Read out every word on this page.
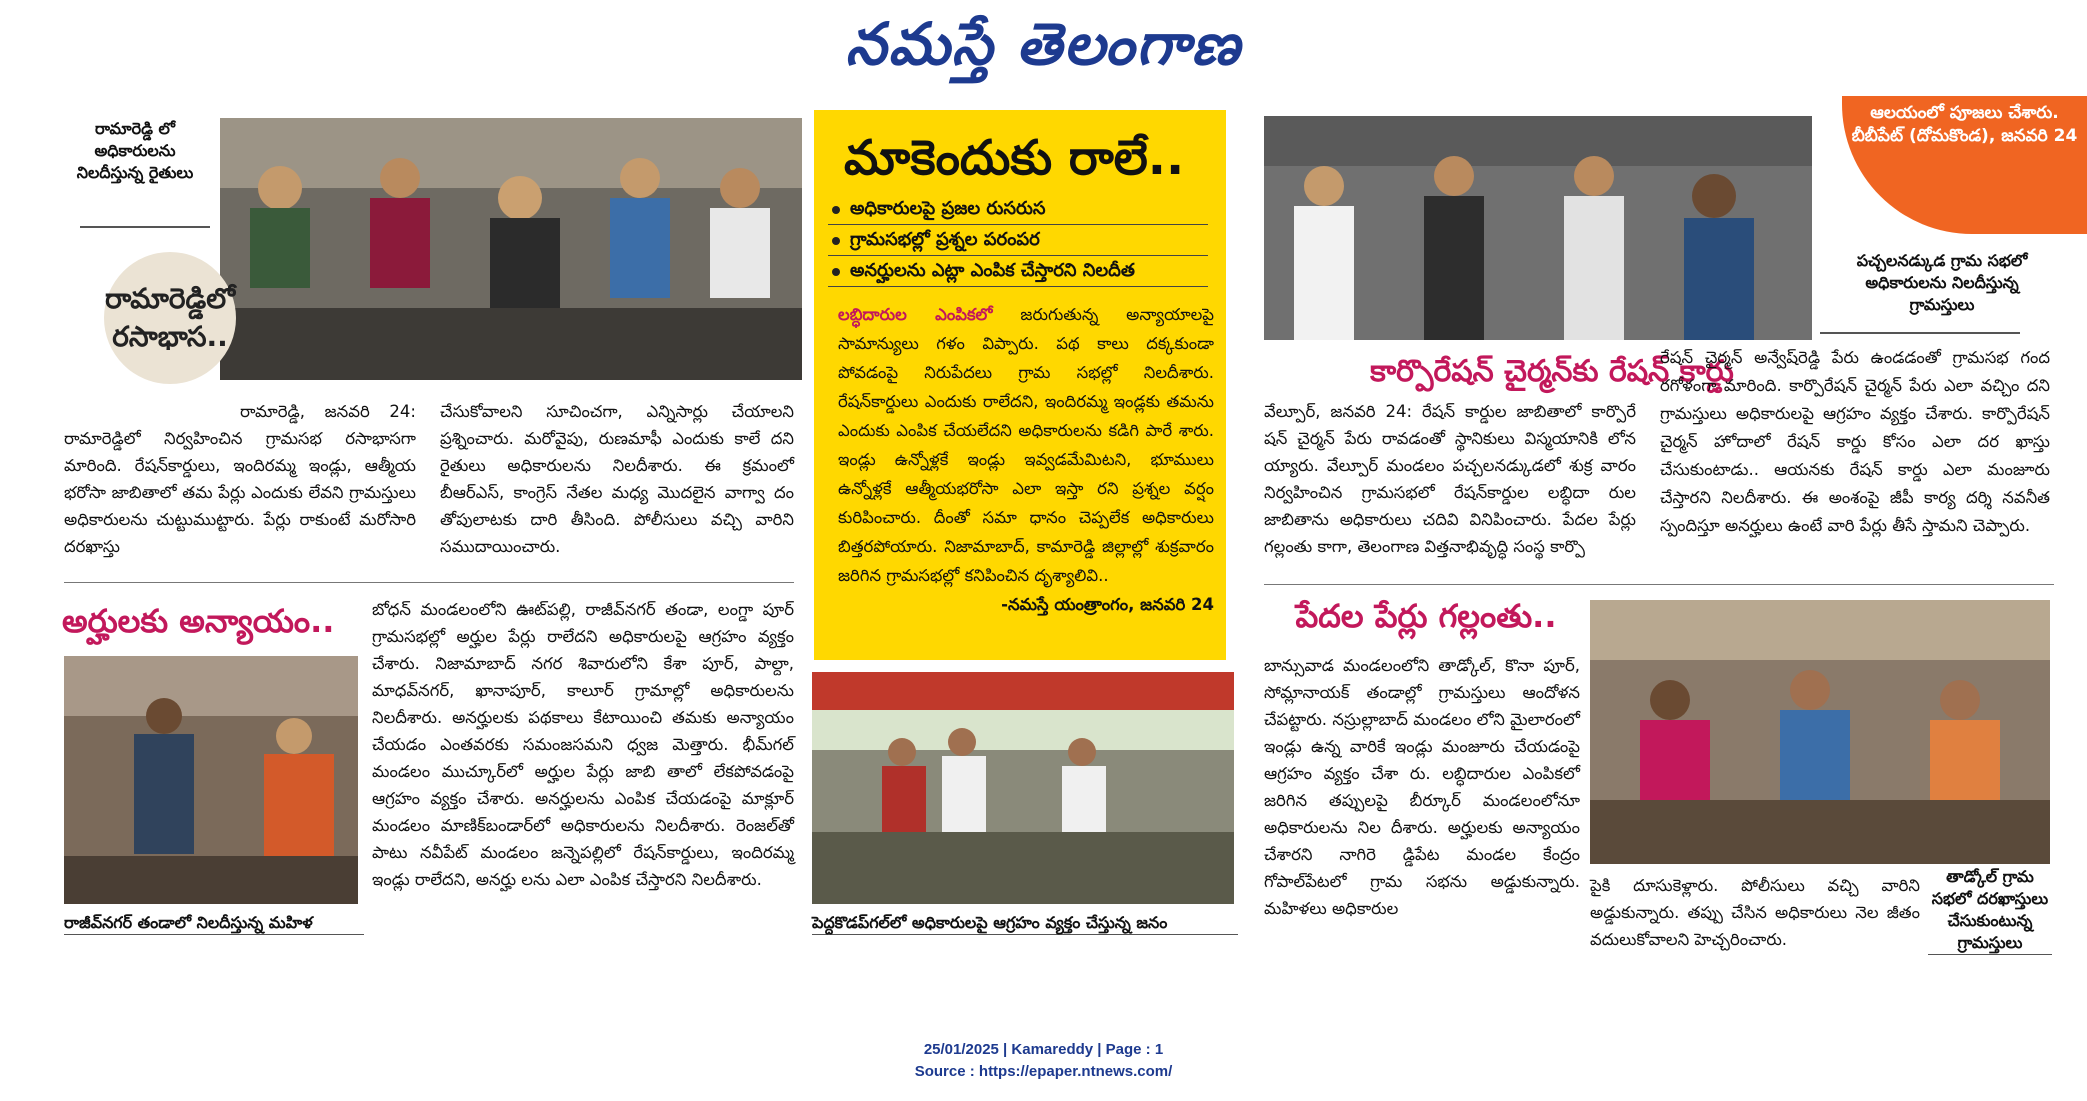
నమస్తే తెలంగాణ
రామారెడ్డి లో అధికారులను నిలదీస్తున్న రైతులు
రామారెడ్డిలో రసాభాస..
రామారెడ్డి, జనవరి 24: రామారెడ్డిలో నిర్వహించిన గ్రామసభ రసాభాసగా మారింది. రేషన్‌కార్డులు, ఇందిరమ్మ ఇండ్లు, ఆత్మీయ భరోసా జాబితాలో తమ పేర్లు ఎందుకు లేవని గ్రామస్తులు అధికారులను చుట్టుముట్టారు. పేర్లు రాకుంటే మరోసారి దరఖాస్తు
చేసుకోవాలని సూచించగా, ఎన్నిసార్లు చేయాలని ప్రశ్నించారు. మరోవైపు, రుణమాఫీ ఎందుకు కాలే దని రైతులు అధికారులను నిలదీశారు. ఈ క్రమంలో బీఆర్ఎస్, కాంగ్రెస్ నేతల మధ్య మొదలైన వాగ్వా దం తోపులాటకు దారి తీసింది. పోలీసులు వచ్చి వారిని సముదాయించారు.
అర్హులకు అన్యాయం..
రాజీవ్‌నగర్ తండాలో నిలదీస్తున్న మహిళ
బోధన్ మండలంలోని ఊట్‌పల్లి, రాజీవ్‌నగర్ తండా, లంగ్డా పూర్ గ్రామసభల్లో అర్హుల పేర్లు రాలేదని అధికారులపై ఆగ్రహం వ్యక్తం చేశారు. నిజామాబాద్ నగర శివారులోని కేశా పూర్, పాల్దా, మాధవ్‌నగర్, ఖానాపూర్, కాలూర్ గ్రామాల్లో అధికారులను నిలదీశారు. అనర్హులకు పథకాలు కేటాయించి తమకు అన్యాయం చేయడం ఎంతవరకు సమంజసమని ధ్వజ మెత్తారు. భీమ్‌గల్ మండలం ముచ్కూర్‌లో అర్హుల పేర్లు జాబి తాలో లేకపోవడంపై ఆగ్రహం వ్యక్తం చేశారు. అనర్హులను ఎంపిక చేయడంపై మాక్లూర్ మండలం మాణిక్‌బండార్‌లో అధికారులను నిలదీశారు. రెంజల్‌తో పాటు నవీపేట్ మండలం జన్నెపల్లిలో రేషన్‌కార్డులు, ఇందిరమ్మ ఇండ్లు రాలేదని, అనర్హు లను ఎలా ఎంపిక చేస్తారని నిలదీశారు.
మాకెందుకు రాలే..
అధికారులపై ప్రజల రుసరుస
గ్రామసభల్లో ప్రశ్నల పరంపర
అనర్హులను ఎట్లా ఎంపిక చేస్తారని నిలదీత
లబ్ధిదారుల ఎంపికలో జరుగుతున్న అన్యాయాలపై సామాన్యులు గళం విప్పారు. పథ కాలు దక్కకుండా పోవడంపై నిరుపేదలు గ్రామ సభల్లో నిలదీశారు. రేషన్‌కార్డులు ఎందుకు రాలేదని, ఇందిరమ్మ ఇండ్లకు తమను ఎందుకు ఎంపిక చేయలేదని అధికారులను కడిగి పారే శారు. ఇండ్లు ఉన్నోళ్లకే ఇండ్లు ఇవ్వడమేమిటని, భూములు ఉన్నోళ్లకే ఆత్మీయభరోసా ఎలా ఇస్తా రని ప్రశ్నల వర్షం కురిపించారు. దీంతో సమా ధానం చెప్పలేక అధికారులు బిత్తరపోయారు. నిజామాబాద్, కామారెడ్డి జిల్లాల్లో శుక్రవారం జరిగిన గ్రామసభల్లో కనిపించిన దృశ్యాలివి..
-నమస్తే యంత్రాంగం, జనవరి 24
పెద్దకొడప్‌గల్‌లో అధికారులపై ఆగ్రహం వ్యక్తం చేస్తున్న జనం
ఆలయంలో పూజలు చేశారు. బీబీపేట్ (దోమకొండ), జనవరి 24
పచ్చలనడ్కుడ గ్రామ సభలో అధికారులను నిలదీస్తున్న గ్రామస్తులు
కార్పొరేషన్ చైర్మన్‌కు రేషన్ కార్డు
వేల్పూర్, జనవరి 24: రేషన్ కార్డుల జాబితాలో కార్పొరే షన్ చైర్మన్ పేరు రావడంతో స్థానికులు విస్మయానికి లోన య్యారు. వేల్పూర్ మండలం పచ్చలనడ్కుడలో శుక్ర వారం నిర్వహించిన గ్రామసభలో రేషన్‌కార్డుల లబ్ధిదా రుల జాబితాను అధికారులు చదివి వినిపించారు. పేదల పేర్లు గల్లంతు కాగా, తెలంగాణ విత్తనాభివృద్ధి సంస్థ కార్పొ
రేషన్ చైర్మన్ అన్వేష్‌రెడ్డి పేరు ఉండడంతో గ్రామసభ గంద రగోళంగా మారింది. కార్పొరేషన్ చైర్మన్ పేరు ఎలా వచ్చిం దని గ్రామస్తులు అధికారులపై ఆగ్రహం వ్యక్తం చేశారు. కార్పొరేషన్ చైర్మన్ హోదాలో రేషన్ కార్డు కోసం ఎలా దర ఖాస్తు చేసుకుంటాడు.. ఆయనకు రేషన్ కార్డు ఎలా మంజూరు చేస్తారని నిలదీశారు. ఈ అంశంపై జీపీ కార్య దర్శి నవనీత స్పందిస్తూ అనర్హులు ఉంటే వారి పేర్లు తీసే స్తామని చెప్పారు.
పేదల పేర్లు గల్లంతు..
బాన్సువాడ మండలంలోని తాడ్కోల్, కొనా పూర్, సోమ్లానాయక్ తండాల్లో గ్రామస్తులు ఆందోళన చేపట్టారు. నస్రుల్లాబాద్ మండలం లోని మైలారంలో ఇండ్లు ఉన్న వారికే ఇండ్లు మంజూరు చేయడంపై ఆగ్రహం వ్యక్తం చేశా రు. లబ్ధిదారుల ఎంపికలో జరిగిన తప్పులపై బీర్కూర్ మండలంలోనూ అధికారులను నిల దీశారు. అర్హులకు అన్యాయం చేశారని నాగిరె డ్డిపేట మండల కేంద్రం గోపాల్‌పేటలో గ్రామ సభను అడ్డుకున్నారు. మహిళలు అధికారుల
పైకి దూసుకెళ్లారు. పోలీసులు వచ్చి వారిని అడ్డుకున్నారు. తప్పు చేసిన అధికారులు నెల జీతం వదులుకోవాలని హెచ్చరించారు.
తాడ్కోల్ గ్రామ సభలో దరఖాస్తులు చేసుకుంటున్న గ్రామస్తులు
25/01/2025 | Kamareddy | Page : 1
Source : https://epaper.ntnews.com/
